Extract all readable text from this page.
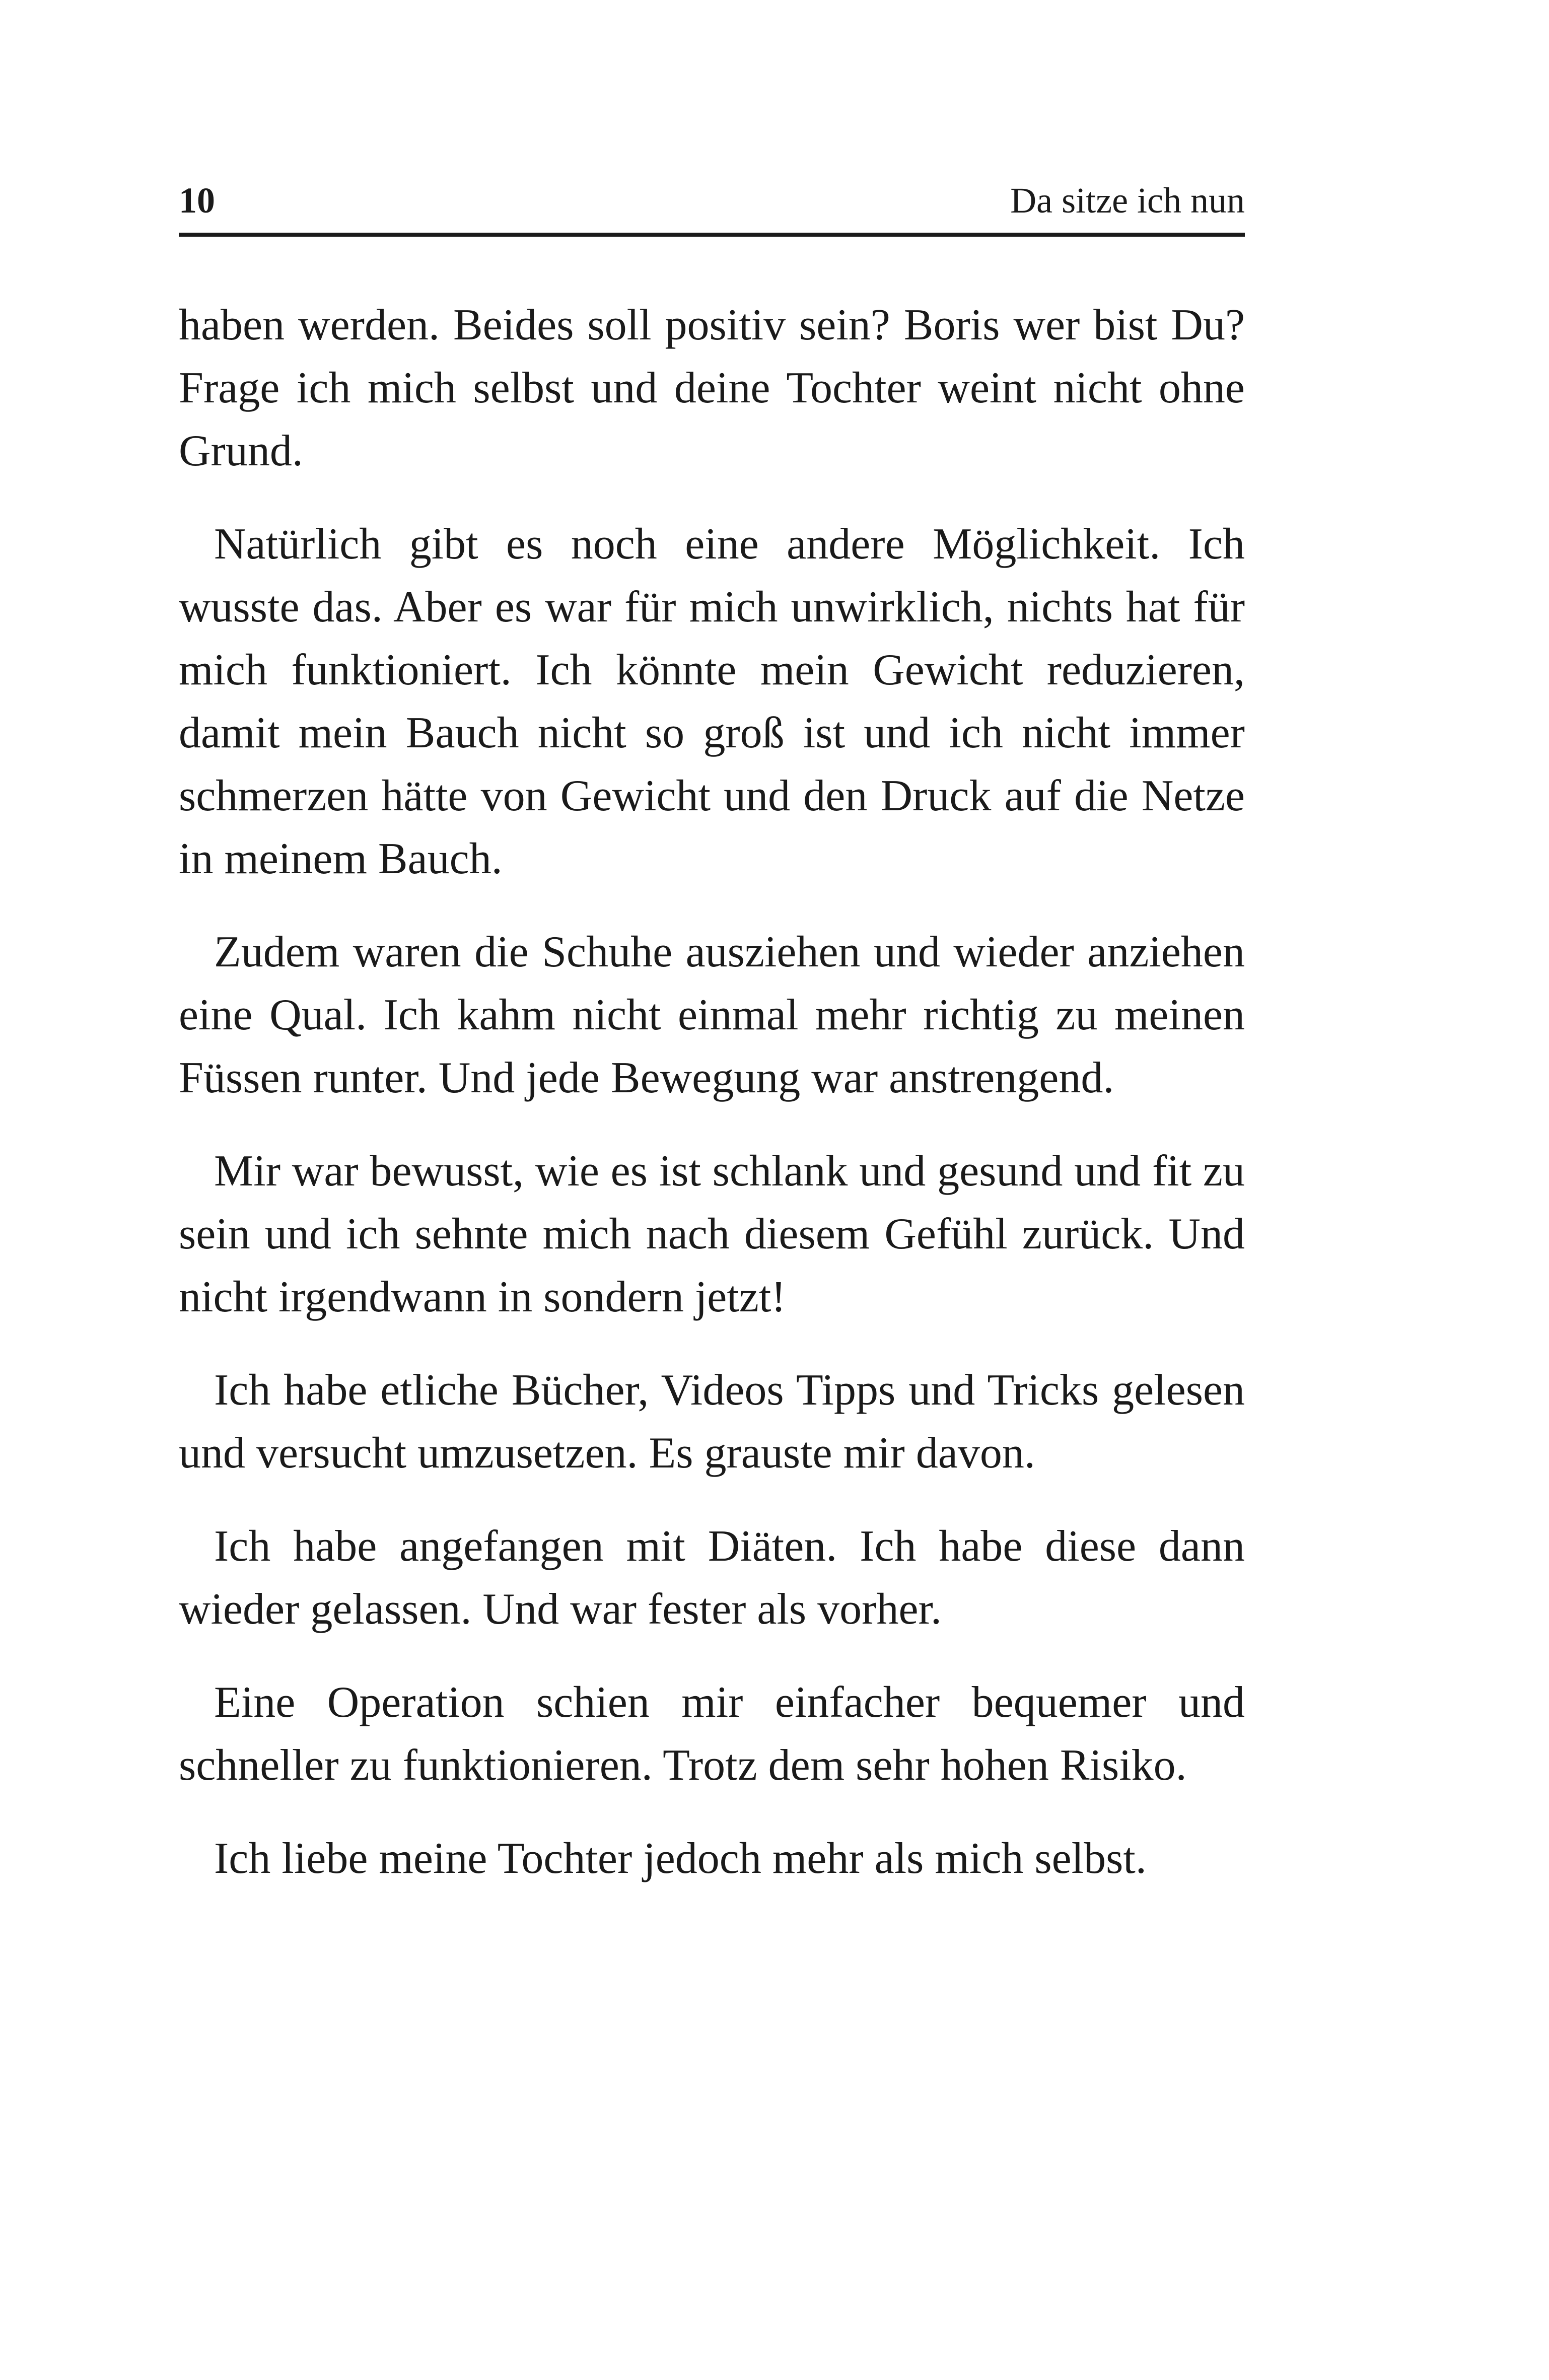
10	Da sitze ich nun

haben werden. Beides soll positiv sein? Boris wer bist Du? Frage ich mich selbst und deine Tochter weint nicht ohne Grund.

Natürlich gibt es noch eine andere Möglichkeit. Ich wusste das. Aber es war für mich unwirklich, nichts hat für mich funktioniert. Ich könnte mein Gewicht reduzieren, damit mein Bauch nicht so groß ist und ich nicht immer schmerzen hätte von Gewicht und den Druck auf die Netze in meinem Bauch.

Zudem waren die Schuhe ausziehen und wieder anziehen eine Qual. Ich kahm nicht einmal mehr richtig zu meinen Füssen runter. Und jede Bewegung war anstrengend.

Mir war bewusst, wie es ist schlank und gesund und fit zu sein und ich sehnte mich nach diesem Gefühl zurück. Und nicht irgendwann in sondern jetzt!

Ich habe etliche Bücher, Videos Tipps und Tricks gelesen und versucht umzusetzen. Es grauste mir davon.

Ich habe angefangen mit Diäten. Ich habe diese dann wieder gelassen. Und war fester als vorher.

Eine Operation schien mir einfacher bequemer und schneller zu funktionieren. Trotz dem sehr hohen Risiko.

Ich liebe meine Tochter jedoch mehr als mich selbst.
